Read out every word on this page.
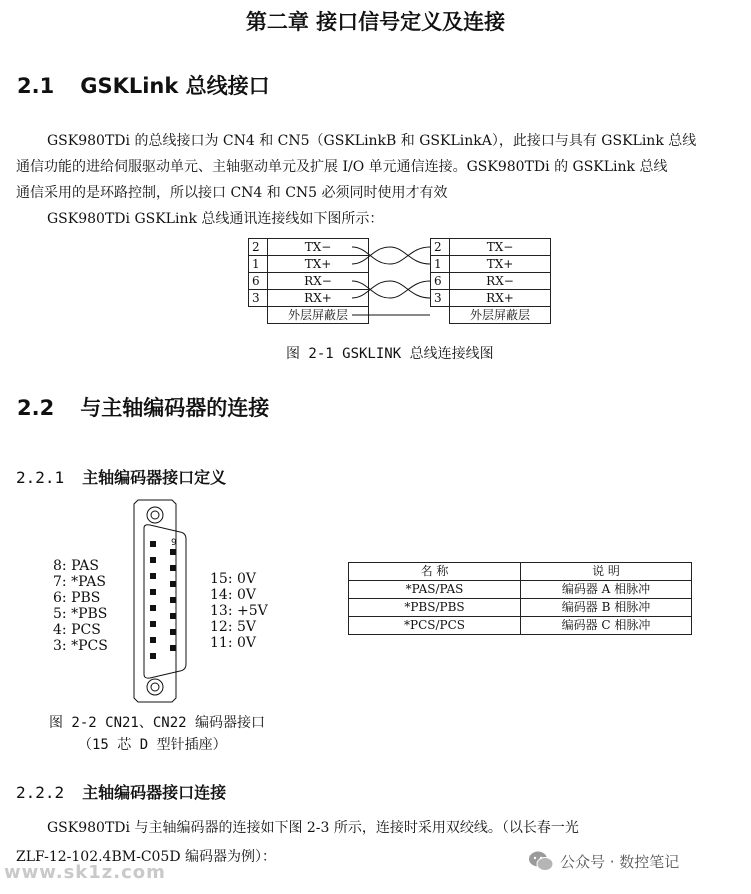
第二章 接口信号定义及连接
2.1 GSKLink 总线接口
GSK980TDi 的总线接口为 CN4 和 CN5（GSKLinkB 和 GSKLinkA），此接口与具有 GSKLink 总线
通信功能的进给伺服驱动单元、主轴驱动单元及扩展 I/O 单元通信连接。GSK980TDi 的 GSKLink 总线
通信采用的是环路控制，所以接口 CN4 和 CN5 必须同时使用才有效
GSK980TDi GSKLink 总线通讯连接线如下图所示：
2	TX−
1	TX+
6	RX−
3	RX+
	外层屏蔽层
2	TX−
1	TX+
6	RX−
3	RX+
	外层屏蔽层
图 2-1 GSKLINK 总线连接线图
2.2 与主轴编码器的连接
2.2.1 主轴编码器接口定义
9
8: PAS
7: *PAS
6: PBS
5: *PBS
4: PCS
3: *PCS
15: 0V
14: 0V
13: +5V
12: 5V
11: 0V
名 称	说 明
*PAS/PAS	编码器 A 相脉冲
*PBS/PBS	编码器 B 相脉冲
*PCS/PCS	编码器 C 相脉冲
图 2-2 CN21、CN22 编码器接口
（15 芯 D 型针插座）
2.2.2 主轴编码器接口连接
GSK980TDi 与主轴编码器的连接如下图 2-3 所示，连接时采用双绞线。（以长春一光
ZLF-12-102.4BM-C05D 编码器为例）：	公众号 · 数控笔记
www.sk1z.com
